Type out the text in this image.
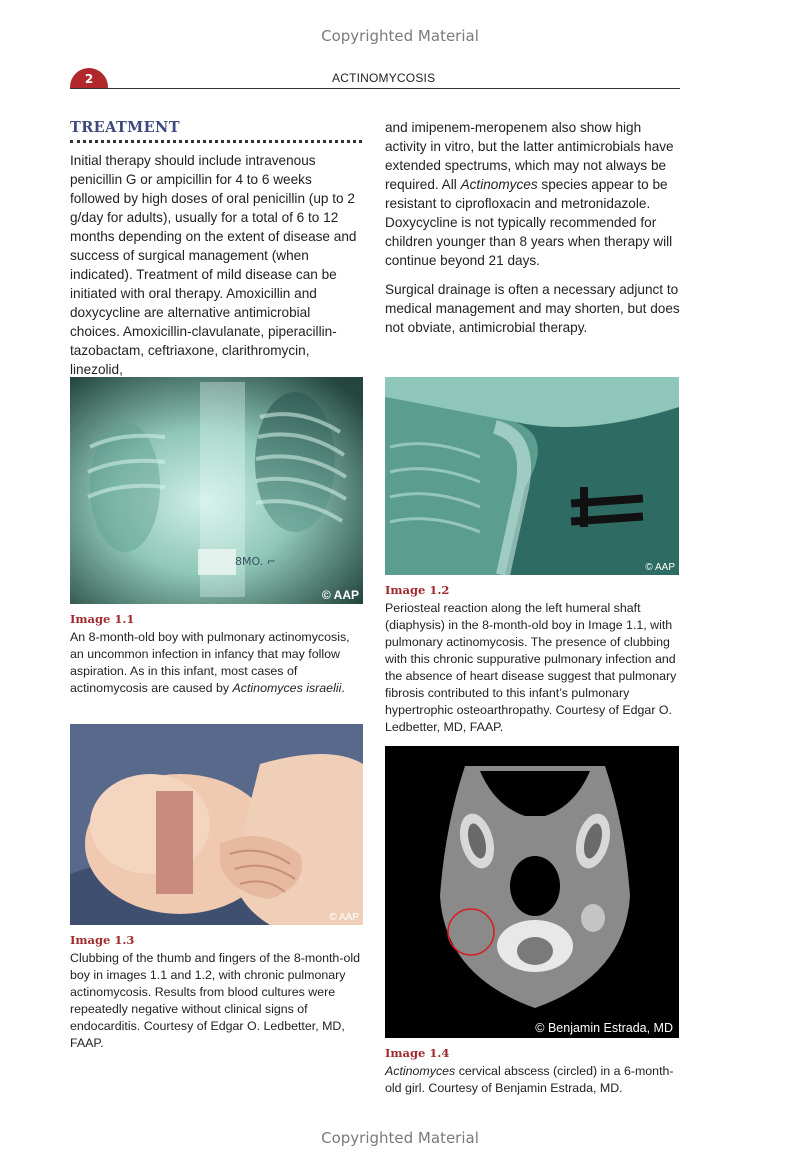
Copyrighted Material
Copyrighted Material
2	ACTINOMYCOSIS
TREATMENT

Initial therapy should include intravenous penicillin G or ampicillin for 4 to 6 weeks followed by high doses of oral penicillin (up to 2 g/day for adults), usually for a total of 6 to 12 months depending on the extent of disease and success of surgical management (when indicated). Treatment of mild disease can be initiated with oral therapy. Amoxicillin and doxycycline are alternative antimicrobial choices. Amoxicillin-clavulanate, piperacillin-tazobactam, ceftriaxone, clarithromycin, linezolid,

and imipenem-meropenem also show high activity in vitro, but the latter antimicrobials have extended spectrums, which may not always be required. All Actinomyces species appear to be resistant to ciprofloxacin and metronidazole. Doxycycline is not typically recommended for children younger than 8 years when therapy will continue beyond 21 days.

Surgical drainage is often a necessary adjunct to medical management and may shorten, but does not obviate, antimicrobial therapy.

8MO. ⌐
© AAP
Image 1.1
An 8-month-old boy with pulmonary actinomycosis, an uncommon infection in infancy that may follow aspiration. As in this infant, most cases of actinomycosis are caused by Actinomyces israelii.
© AAP
Image 1.2
Periosteal reaction along the left humeral shaft (diaphysis) in the 8-month-old boy in Image 1.1, with pulmonary actinomycosis. The presence of clubbing with this chronic suppurative pulmonary infection and the absence of heart disease suggest that pulmonary fibrosis contributed to this infant’s pulmonary hypertrophic osteoarthropathy. Courtesy of Edgar O. Ledbetter, MD, FAAP.
© AAP
Image 1.3
Clubbing of the thumb and fingers of the 8-month-old boy in images 1.1 and 1.2, with chronic pulmonary actinomycosis. Results from blood cultures were repeatedly negative without clinical signs of endocarditis. Courtesy of Edgar O. Ledbetter, MD, FAAP.
© Benjamin Estrada, MD
Image 1.4
Actinomyces cervical abscess (circled) in a 6-month-old girl. Courtesy of Benjamin Estrada, MD.
